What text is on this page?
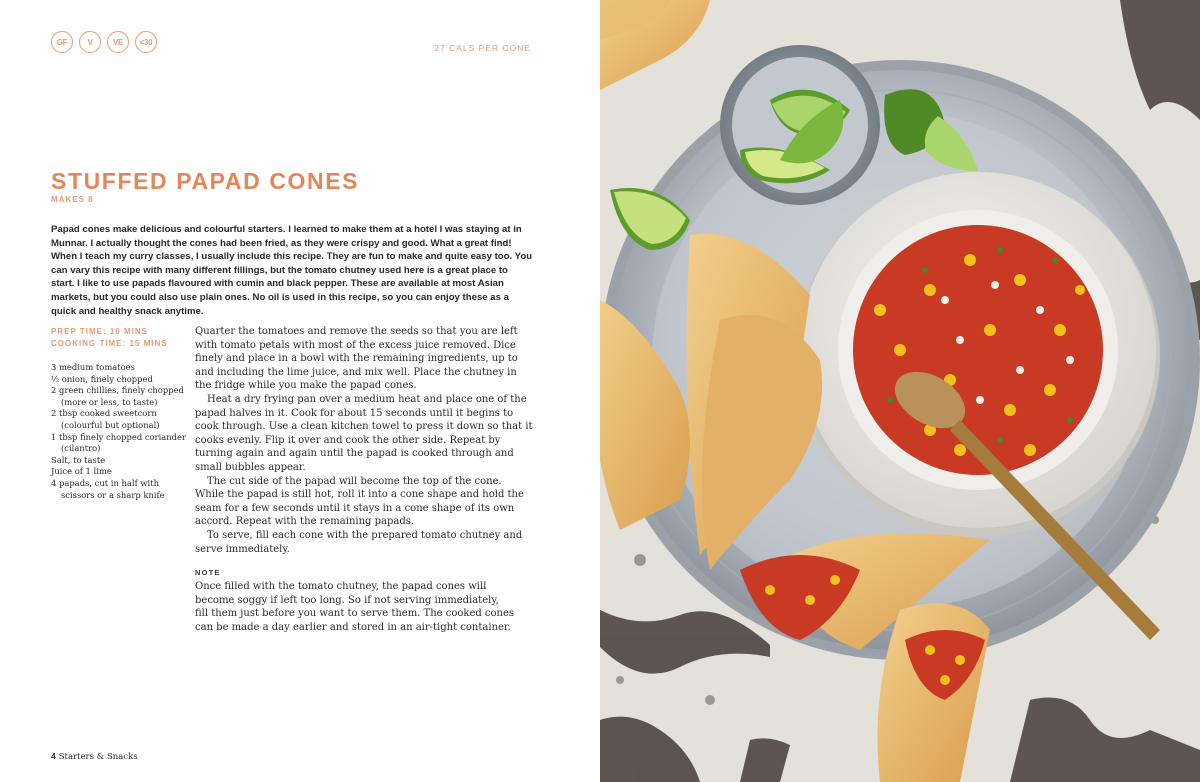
GF	V	VE	<30
27 CALS PER CONE
STUFFED PAPAD CONES
MAKES 8

Papad cones make delicious and colourful starters. I learned to make them at a hotel I was staying at in Munnar. I actually thought the cones had been fried, as they were crispy and good. What a great find! When I teach my curry classes, I usually include this recipe. They are fun to make and quite easy too. You can vary this recipe with many different fillings, but the tomato chutney used here is a great place to start. I like to use papads flavoured with cumin and black pepper. These are available at most Asian markets, but you could also use plain ones. No oil is used in this recipe, so you can enjoy these as a quick and healthy snack anytime.

PREP TIME: 10 MINS
COOKING TIME: 15 MINS
3 medium tomatoes
½ onion, finely chopped
2 green chillies, finely chopped (more or less, to taste)
2 tbsp cooked sweetcorn (colourful but optional)
1 tbsp finely chopped coriander (cilantro)
Salt, to taste
Juice of 1 lime
4 papads, cut in half with scissors or a sharp knife

Quarter the tomatoes and remove the seeds so that you are left with tomato petals with most of the excess juice removed. Dice finely and place in a bowl with the remaining ingredients, up to and including the lime juice, and mix well. Place the chutney in the fridge while you make the papad cones.

Heat a dry frying pan over a medium heat and place one of the papad halves in it. Cook for about 15 seconds until it begins to cook through. Use a clean kitchen towel to press it down so that it cooks evenly. Flip it over and cook the other side. Repeat by turning again and again until the papad is cooked through and small bubbles appear.

The cut side of the papad will become the top of the cone. While the papad is still hot, roll it into a cone shape and hold the seam for a few seconds until it stays in a cone shape of its own accord. Repeat with the remaining papads.

To serve, fill each cone with the prepared tomato chutney and serve immediately.

NOTE

Once filled with the tomato chutney, the papad cones will become soggy if left too long. So if not serving immediately, fill them just before you want to serve them. The cooked cones can be made a day earlier and stored in an air-tight container.

4 Starters & Snacks
